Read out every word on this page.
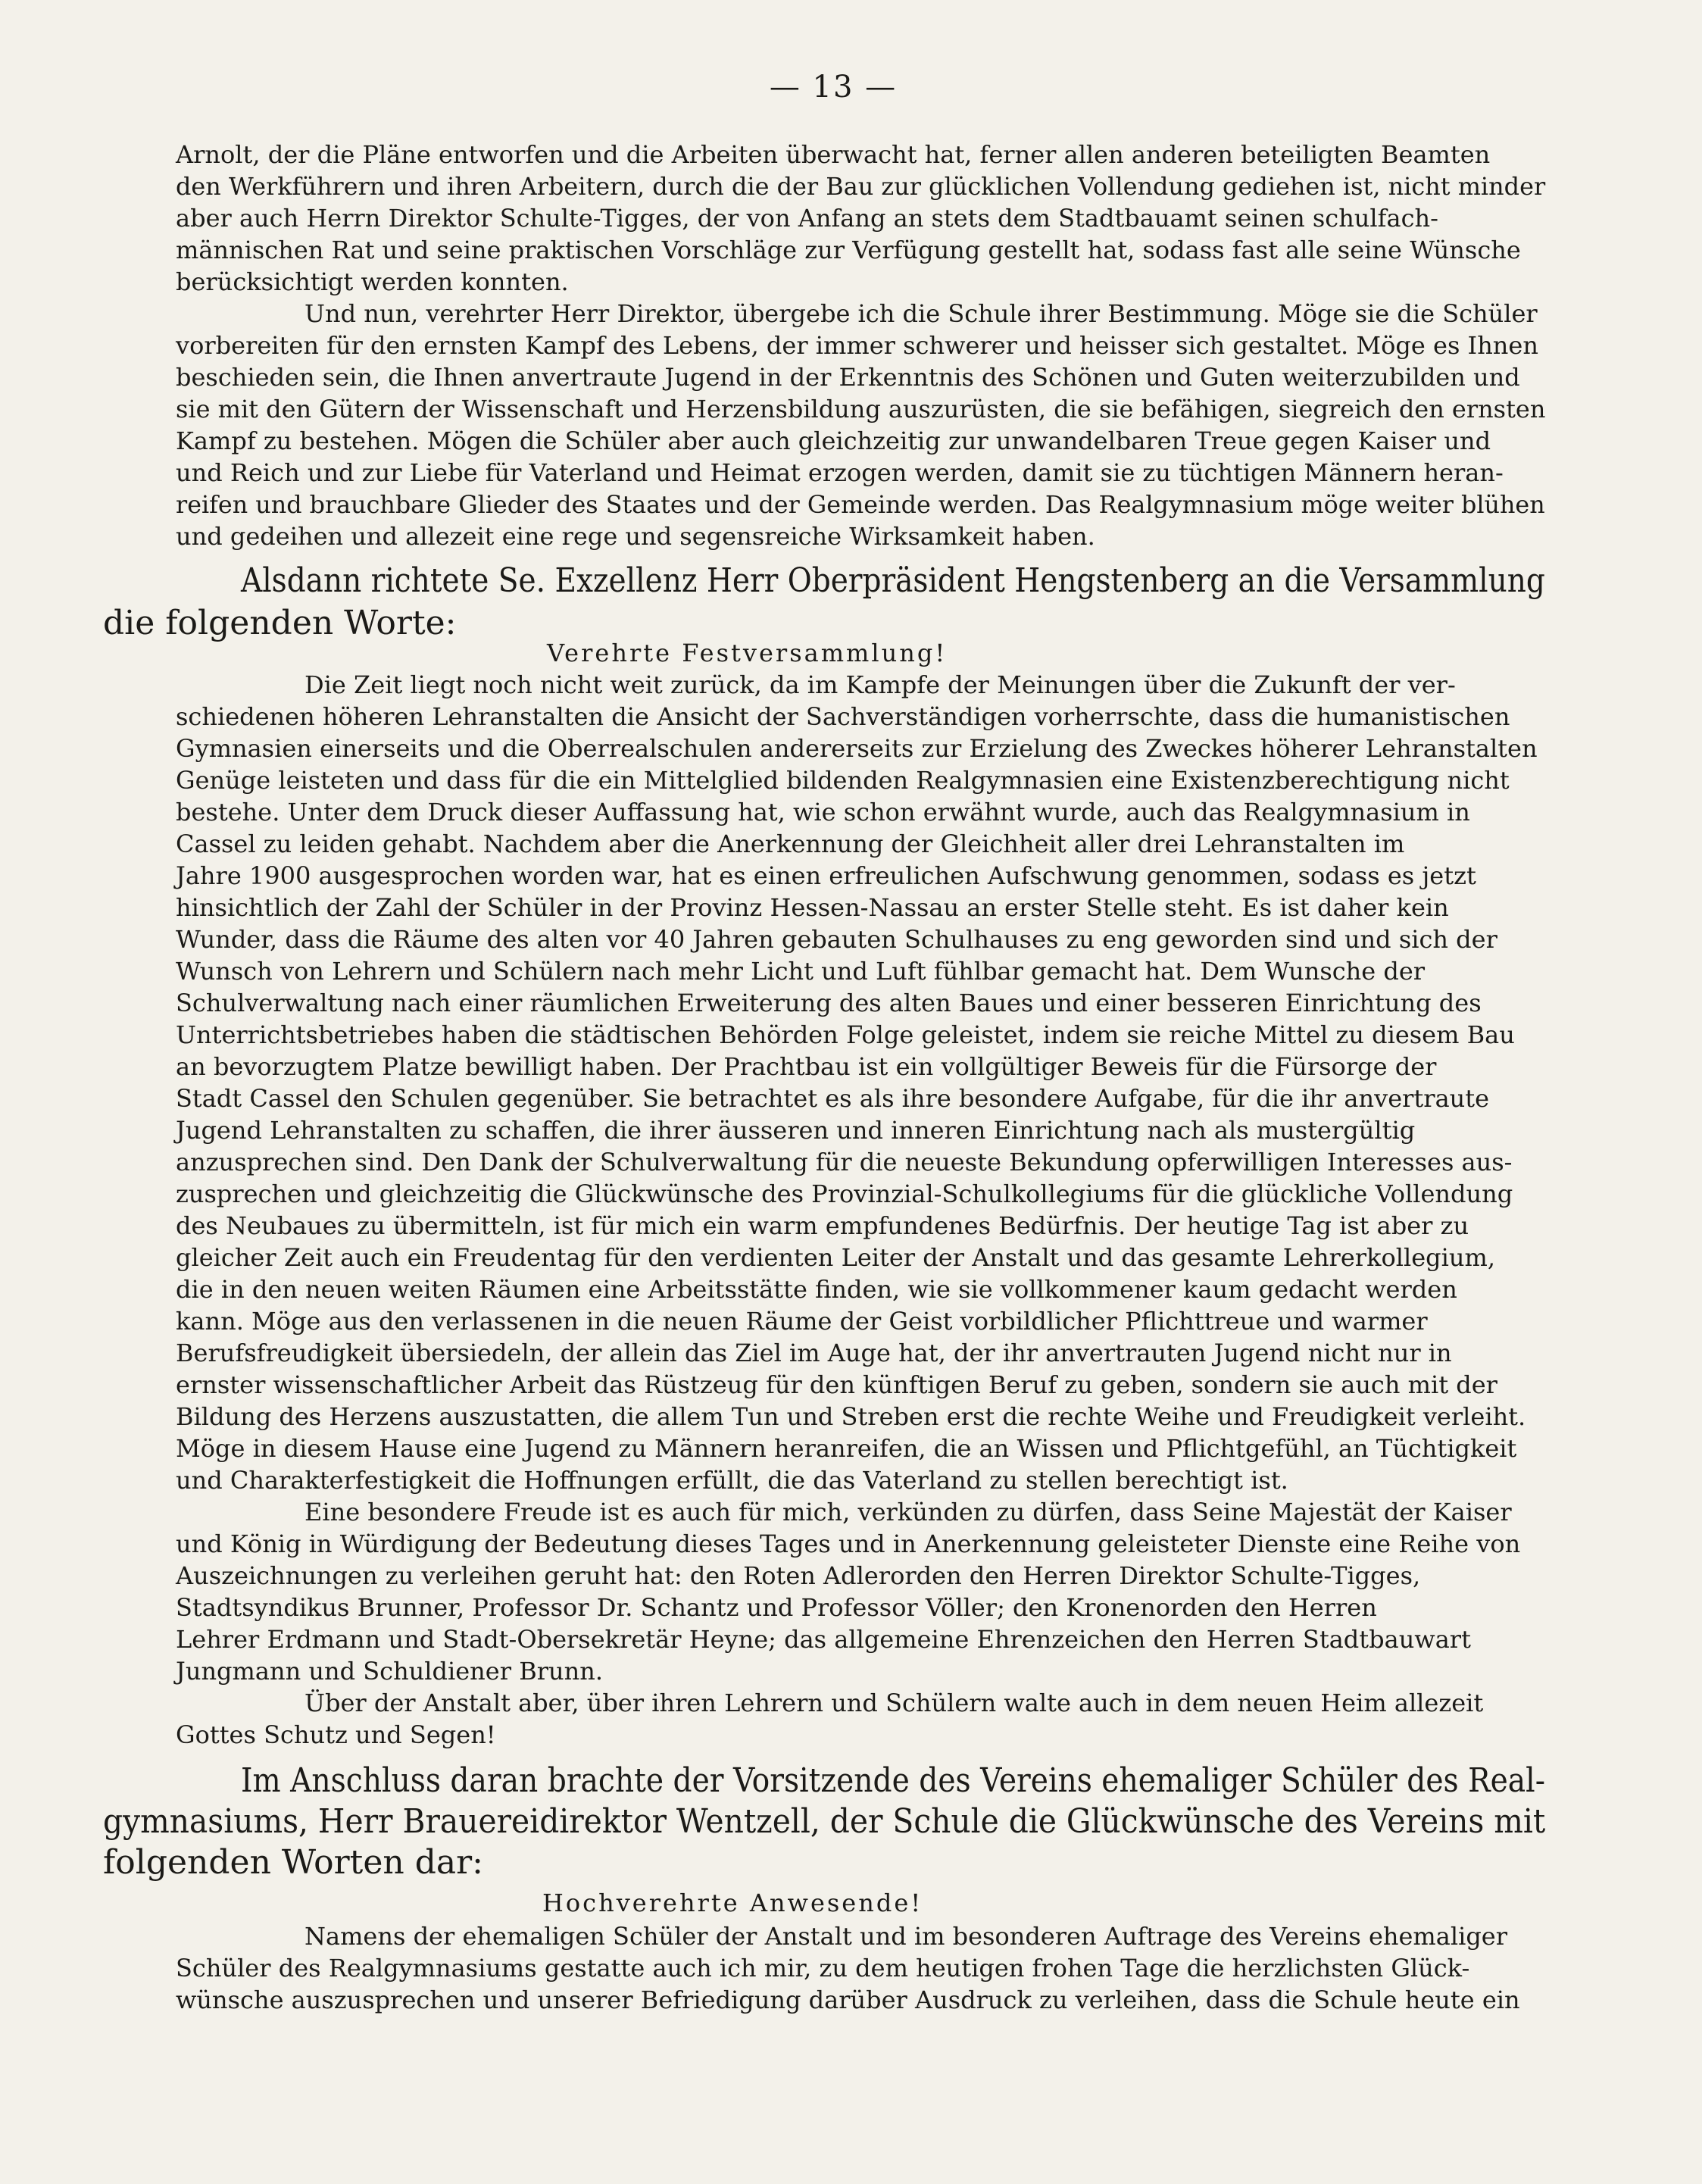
— 13 —
Arnolt, der die Pläne entworfen und die Arbeiten überwacht hat, ferner allen anderen beteiligten Beamten
den Werkführern und ihren Arbeitern, durch die der Bau zur glücklichen Vollendung gediehen ist, nicht minder
aber auch Herrn Direktor Schulte-Tigges, der von Anfang an stets dem Stadtbauamt seinen schulfach-
männischen Rat und seine praktischen Vorschläge zur Verfügung gestellt hat, sodass fast alle seine Wünsche
berücksichtigt werden konnten.
Und nun, verehrter Herr Direktor, übergebe ich die Schule ihrer Bestimmung. Möge sie die Schüler
vorbereiten für den ernsten Kampf des Lebens, der immer schwerer und heisser sich gestaltet. Möge es Ihnen
beschieden sein, die Ihnen anvertraute Jugend in der Erkenntnis des Schönen und Guten weiterzubilden und
sie mit den Gütern der Wissenschaft und Herzensbildung auszurüsten, die sie befähigen, siegreich den ernsten
Kampf zu bestehen. Mögen die Schüler aber auch gleichzeitig zur unwandelbaren Treue gegen Kaiser und
und Reich und zur Liebe für Vaterland und Heimat erzogen werden, damit sie zu tüchtigen Männern heran-
reifen und brauchbare Glieder des Staates und der Gemeinde werden. Das Realgymnasium möge weiter blühen
und gedeihen und allezeit eine rege und segensreiche Wirksamkeit haben.
Alsdann richtete Se. Exzellenz Herr Oberpräsident Hengstenberg an die Versammlung
die folgenden Worte:
Verehrte Festversammlung!
Die Zeit liegt noch nicht weit zurück, da im Kampfe der Meinungen über die Zukunft der ver-
schiedenen höheren Lehranstalten die Ansicht der Sachverständigen vorherrschte, dass die humanistischen
Gymnasien einerseits und die Oberrealschulen andererseits zur Erzielung des Zweckes höherer Lehranstalten
Genüge leisteten und dass für die ein Mittelglied bildenden Realgymnasien eine Existenzberechtigung nicht
bestehe. Unter dem Druck dieser Auffassung hat, wie schon erwähnt wurde, auch das Realgymnasium in
Cassel zu leiden gehabt. Nachdem aber die Anerkennung der Gleichheit aller drei Lehranstalten im
Jahre 1900 ausgesprochen worden war, hat es einen erfreulichen Aufschwung genommen, sodass es jetzt
hinsichtlich der Zahl der Schüler in der Provinz Hessen-Nassau an erster Stelle steht. Es ist daher kein
Wunder, dass die Räume des alten vor 40 Jahren gebauten Schulhauses zu eng geworden sind und sich der
Wunsch von Lehrern und Schülern nach mehr Licht und Luft fühlbar gemacht hat. Dem Wunsche der
Schulverwaltung nach einer räumlichen Erweiterung des alten Baues und einer besseren Einrichtung des
Unterrichtsbetriebes haben die städtischen Behörden Folge geleistet, indem sie reiche Mittel zu diesem Bau
an bevorzugtem Platze bewilligt haben. Der Prachtbau ist ein vollgültiger Beweis für die Fürsorge der
Stadt Cassel den Schulen gegenüber. Sie betrachtet es als ihre besondere Aufgabe, für die ihr anvertraute
Jugend Lehranstalten zu schaffen, die ihrer äusseren und inneren Einrichtung nach als mustergültig
anzusprechen sind. Den Dank der Schulverwaltung für die neueste Bekundung opferwilligen Interesses aus-
zusprechen und gleichzeitig die Glückwünsche des Provinzial-Schulkollegiums für die glückliche Vollendung
des Neubaues zu übermitteln, ist für mich ein warm empfundenes Bedürfnis. Der heutige Tag ist aber zu
gleicher Zeit auch ein Freudentag für den verdienten Leiter der Anstalt und das gesamte Lehrerkollegium,
die in den neuen weiten Räumen eine Arbeitsstätte finden, wie sie vollkommener kaum gedacht werden
kann. Möge aus den verlassenen in die neuen Räume der Geist vorbildlicher Pflichttreue und warmer
Berufsfreudigkeit übersiedeln, der allein das Ziel im Auge hat, der ihr anvertrauten Jugend nicht nur in
ernster wissenschaftlicher Arbeit das Rüstzeug für den künftigen Beruf zu geben, sondern sie auch mit der
Bildung des Herzens auszustatten, die allem Tun und Streben erst die rechte Weihe und Freudigkeit verleiht.
Möge in diesem Hause eine Jugend zu Männern heranreifen, die an Wissen und Pflichtgefühl, an Tüchtigkeit
und Charakterfestigkeit die Hoffnungen erfüllt, die das Vaterland zu stellen berechtigt ist.
Eine besondere Freude ist es auch für mich, verkünden zu dürfen, dass Seine Majestät der Kaiser
und König in Würdigung der Bedeutung dieses Tages und in Anerkennung geleisteter Dienste eine Reihe von
Auszeichnungen zu verleihen geruht hat: den Roten Adlerorden den Herren Direktor Schulte-Tigges,
Stadtsyndikus Brunner, Professor Dr. Schantz und Professor Völler; den Kronenorden den Herren
Lehrer Erdmann und Stadt-Obersekretär Heyne; das allgemeine Ehrenzeichen den Herren Stadtbauwart
Jungmann und Schuldiener Brunn.
Über der Anstalt aber, über ihren Lehrern und Schülern walte auch in dem neuen Heim allezeit
Gottes Schutz und Segen!
Im Anschluss daran brachte der Vorsitzende des Vereins ehemaliger Schüler des Real-
gymnasiums, Herr Brauereidirektor Wentzell, der Schule die Glückwünsche des Vereins mit
folgenden Worten dar:
Hochverehrte Anwesende!
Namens der ehemaligen Schüler der Anstalt und im besonderen Auftrage des Vereins ehemaliger
Schüler des Realgymnasiums gestatte auch ich mir, zu dem heutigen frohen Tage die herzlichsten Glück-
wünsche auszusprechen und unserer Befriedigung darüber Ausdruck zu verleihen, dass die Schule heute ein
